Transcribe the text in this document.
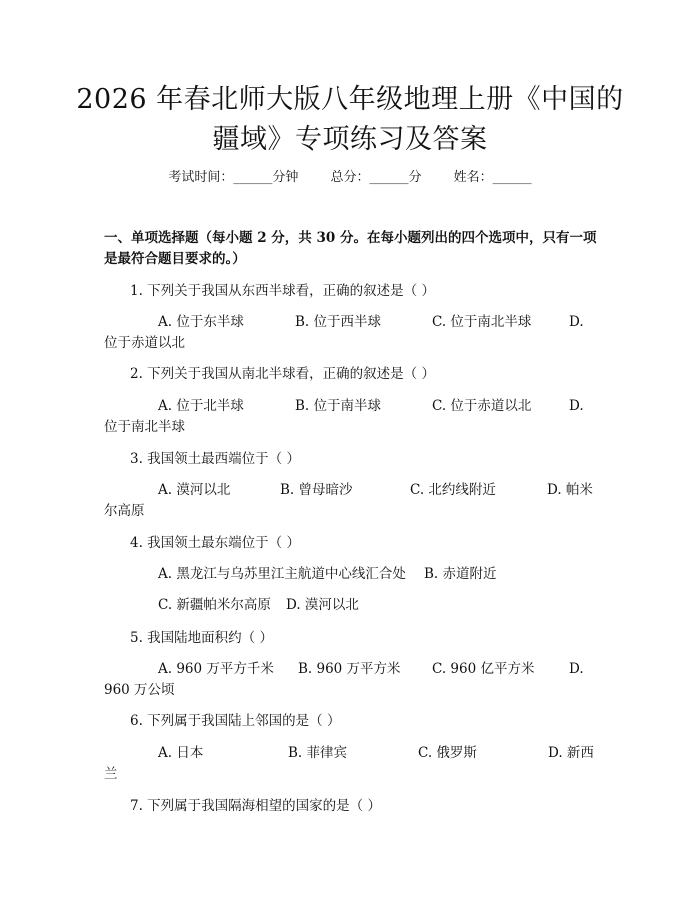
2026 年春北师大版八年级地理上册《中国的
疆域》专项练习及答案
考试时间：______分钟 总分：______分 姓名：______
一、单项选择题（每小题 2 分，共 30 分。在每小题列出的四个选项中，只有一项
是最符合题目要求的。）
1. 下列关于我国从东西半球看，正确的叙述是（ ）
A. 位于东半球	B. 位于西半球	C. 位于南北半球	D.
位于赤道以北
2. 下列关于我国从南北半球看，正确的叙述是（ ）
A. 位于北半球	B. 位于南半球	C. 位于赤道以北	D.
位于南北半球
3. 我国领土最西端位于（ ）
A. 漠河以北	B. 曾母暗沙	C. 北约线附近	D. 帕米
尔高原
4. 我国领土最东端位于（ ）
A. 黑龙江与乌苏里江主航道中心线汇合处	B. 赤道附近
C. 新疆帕米尔高原	D. 漠河以北
5. 我国陆地面积约（ ）
A. 960 万平方千米	B. 960 万平方米	C. 960 亿平方米	D.
960 万公顷
6. 下列属于我国陆上邻国的是（ ）
A. 日本	B. 菲律宾	C. 俄罗斯	D. 新西
兰
7. 下列属于我国隔海相望的国家的是（ ）
